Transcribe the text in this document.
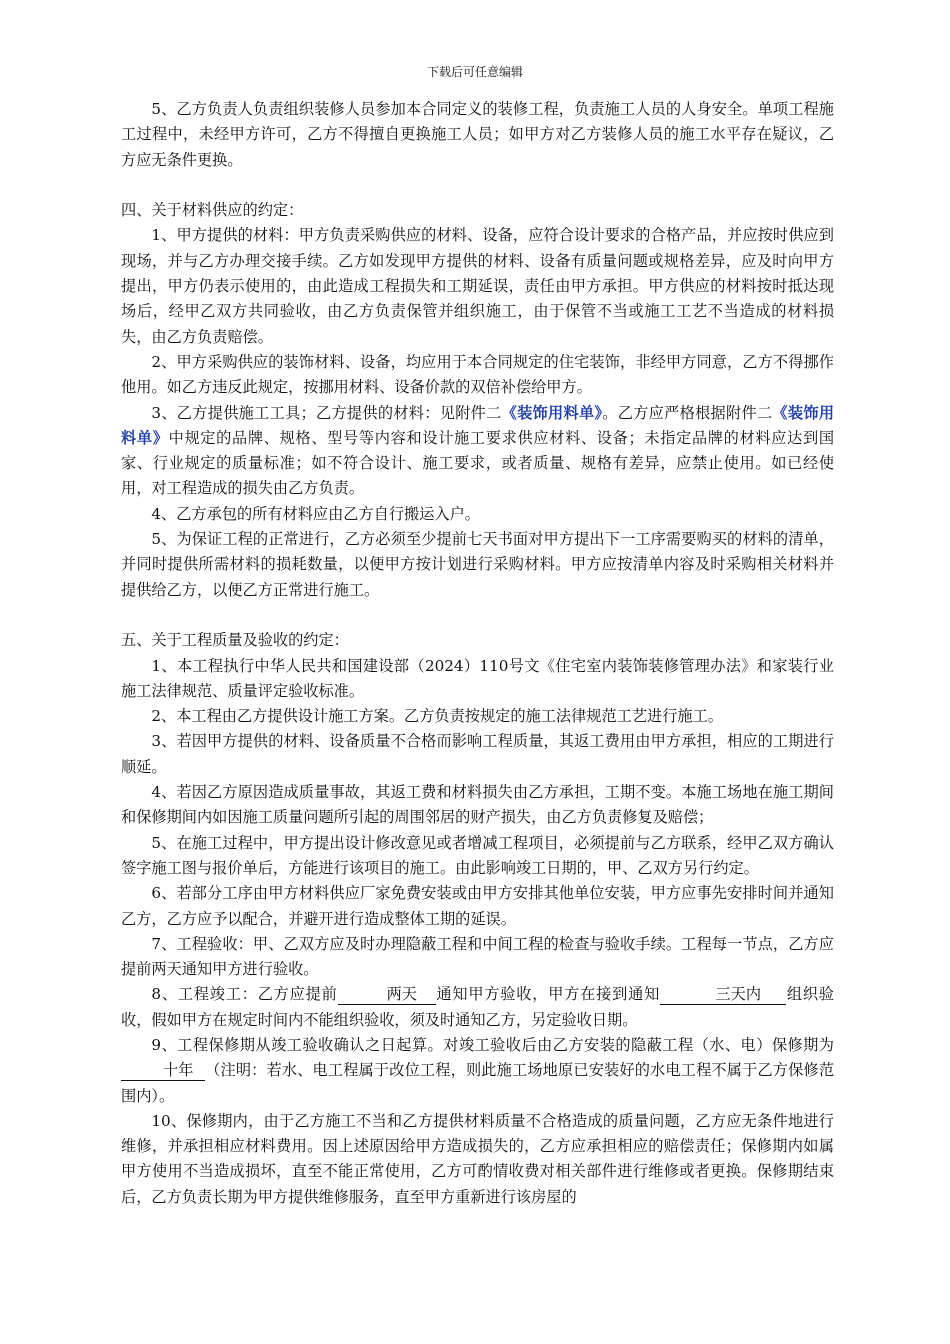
下载后可任意编辑

5、乙方负责人负责组织装修人员参加本合同定义的装修工程，负责施工人员的人身安全。单项工程施工过程中，未经甲方许可，乙方不得擅自更换施工人员；如甲方对乙方装修人员的施工水平存在疑议，乙方应无条件更换。

四、关于材料供应的约定：

1、甲方提供的材料：甲方负责采购供应的材料、设备，应符合设计要求的合格产品，并应按时供应到现场，并与乙方办理交接手续。乙方如发现甲方提供的材料、设备有质量问题或规格差异，应及时向甲方提出，甲方仍表示使用的，由此造成工程损失和工期延误，责任由甲方承担。甲方供应的材料按时抵达现场后，经甲乙双方共同验收，由乙方负责保管并组织施工，由于保管不当或施工工艺不当造成的材料损失，由乙方负责赔偿。

2、甲方采购供应的装饰材料、设备，均应用于本合同规定的住宅装饰，非经甲方同意，乙方不得挪作他用。如乙方违反此规定，按挪用材料、设备价款的双倍补偿给甲方。

3、乙方提供施工工具；乙方提供的材料：见附件二《装饰用料单》。乙方应严格根据附件二《装饰用料单》中规定的品牌、规格、型号等内容和设计施工要求供应材料、设备；未指定品牌的材料应达到国家、行业规定的质量标准；如不符合设计、施工要求，或者质量、规格有差异，应禁止使用。如已经使用，对工程造成的损失由乙方负责。

4、乙方承包的所有材料应由乙方自行搬运入户。

5、为保证工程的正常进行，乙方必须至少提前七天书面对甲方提出下一工序需要购买的材料的清单，并同时提供所需材料的损耗数量，以便甲方按计划进行采购材料。甲方应按清单内容及时采购相关材料并提供给乙方，以便乙方正常进行施工。

五、关于工程质量及验收的约定：

1、本工程执行中华人民共和国建设部（2024）110号文《住宅室内装饰装修管理办法》和家装行业施工法律规范、质量评定验收标准。

2、本工程由乙方提供设计施工方案。乙方负责按规定的施工法律规范工艺进行施工。

3、若因甲方提供的材料、设备质量不合格而影响工程质量，其返工费用由甲方承担，相应的工期进行顺延。

4、若因乙方原因造成质量事故，其返工费和材料损失由乙方承担，工期不变。本施工场地在施工期间和保修期间内如因施工质量问题所引起的周围邻居的财产损失，由乙方负责修复及赔偿；

5、在施工过程中，甲方提出设计修改意见或者增减工程项目，必须提前与乙方联系，经甲乙双方确认签字施工图与报价单后，方能进行该项目的施工。由此影响竣工日期的，甲、乙双方另行约定。

6、若部分工序由甲方材料供应厂家免费安装或由甲方安排其他单位安装，甲方应事先安排时间并通知乙方，乙方应予以配合，并避开进行造成整体工期的延误。

7、工程验收：甲、乙双方应及时办理隐蔽工程和中间工程的检查与验收手续。工程每一节点，乙方应提前两天通知甲方进行验收。

8、工程竣工：乙方应提前	两天 通知甲方验收，甲方在接到通知	三天内 组织验收，假如甲方在规定时间内不能组织验收，须及时通知乙方，另定验收日期。

9、工程保修期从竣工验收确认之日起算。对竣工验收后由乙方安装的隐蔽工程（水、电）保修期为十年 （注明：若水、电工程属于改位工程，则此施工场地原已安装好的水电工程不属于乙方保修范围内）。

10、保修期内，由于乙方施工不当和乙方提供材料质量不合格造成的质量问题，乙方应无条件地进行维修，并承担相应材料费用。因上述原因给甲方造成损失的，乙方应承担相应的赔偿责任；保修期内如属甲方使用不当造成损坏，直至不能正常使用，乙方可酌情收费对相关部件进行维修或者更换。保修期结束后，乙方负责长期为甲方提供维修服务，直至甲方重新进行该房屋的
